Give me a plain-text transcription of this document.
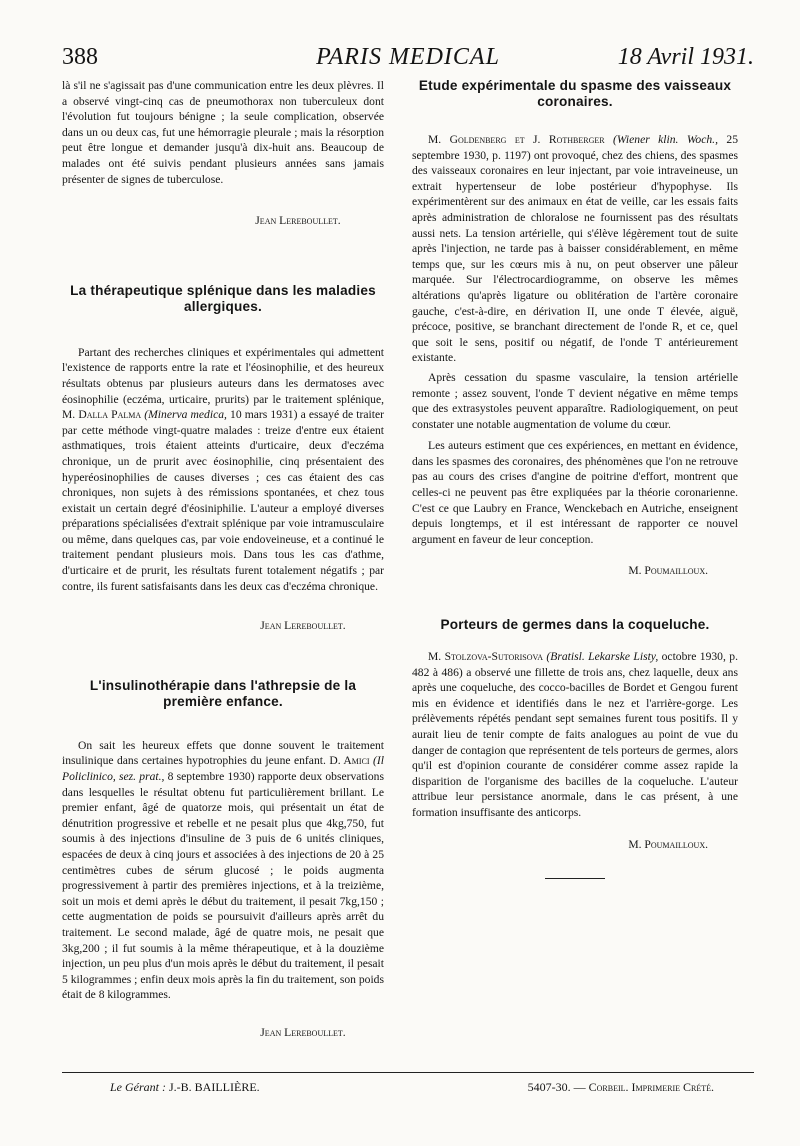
388	PARIS MEDICAL	18 Avril 1931.

là s'il ne s'agissait pas d'une communication entre les deux plèvres. Il a observé vingt-cinq cas de pneumothorax non tuberculeux dont l'évolution fut toujours bénigne ; la seule complication, observée dans un ou deux cas, fut une hémorragie pleurale ; mais la résorption peut être longue et demander jusqu'à dix-huit ans. Beaucoup de malades ont été suivis pendant plusieurs années sans jamais présenter de signes de tuberculose.

Jean Lereboullet.
La thérapeutique splénique dans les maladies allergiques.

Partant des recherches cliniques et expérimentales qui admettent l'existence de rapports entre la rate et l'éosinophilie, et des heureux résultats obtenus par plusieurs auteurs dans les dermatoses avec éosinophilie (eczéma, urticaire, prurits) par le traitement splénique, M. Dalla Palma (Minerva medica, 10 mars 1931) a essayé de traiter par cette méthode vingt-quatre malades : treize d'entre eux étaient asthmatiques, trois étaient atteints d'urticaire, deux d'eczéma chronique, un de prurit avec éosinophilie, cinq présentaient des hyperéosinophilies de causes diverses ; ces cas étaient des cas chroniques, non sujets à des rémissions spontanées, et chez tous existait un certain degré d'éosiniphilie. L'auteur a employé diverses préparations spécialisées d'extrait splénique par voie intramusculaire ou même, dans quelques cas, par voie endoveineuse, et a continué le traitement pendant plusieurs mois. Dans tous les cas d'athme, d'urticaire et de prurit, les résultats furent totalement négatifs ; par contre, ils furent satisfaisants dans les deux cas d'eczéma chronique.

Jean Lereboullet.
L'insulinothérapie dans l'athrepsie de la première enfance.

On sait les heureux effets que donne souvent le traitement insulinique dans certaines hypotrophies du jeune enfant. D. Amici (Il Policlinico, sez. prat., 8 septembre 1930) rapporte deux observations dans lesquelles le résultat obtenu fut particulièrement brillant. Le premier enfant, âgé de quatorze mois, qui présentait un état de dénutrition progressive et rebelle et ne pesait plus que 4kg,750, fut soumis à des injections d'insuline de 3 puis de 6 unités cliniques, espacées de deux à cinq jours et associées à des injections de 20 à 25 centimètres cubes de sérum glucosé ; le poids augmenta progressivement à partir des premières injections, et à la treizième, soit un mois et demi après le début du traitement, il pesait 7kg,150 ; cette augmentation de poids se poursuivit d'ailleurs après arrêt du traitement. Le second malade, âgé de quatre mois, ne pesait que 3kg,200 ; il fut soumis à la même thérapeutique, et à la douzième injection, un peu plus d'un mois après le début du traitement, il pesait 5 kilogrammes ; enfin deux mois après la fin du traitement, son poids était de 8 kilogrammes.

Jean Lereboullet.
Etude expérimentale du spasme des vaisseaux coronaires.

M. Goldenberg et J. Rothberger (Wiener klin. Woch., 25 septembre 1930, p. 1197) ont provoqué, chez des chiens, des spasmes des vaisseaux coronaires en leur injectant, par voie intraveineuse, un extrait hypertenseur de lobe postérieur d'hypophyse. Ils expérimentèrent sur des animaux en état de veille, car les essais faits après administration de chloralose ne fournissent pas des résultats aussi nets. La tension artérielle, qui s'élève légèrement tout de suite après l'injection, ne tarde pas à baisser considérablement, en même temps que, sur les cœurs mis à nu, on peut observer une pâleur marquée. Sur l'électrocardiogramme, on observe les mêmes altérations qu'après ligature ou oblitération de l'artère coronaire gauche, c'est-à-dire, en dérivation II, une onde T élevée, aiguë, précoce, positive, se branchant directement de l'onde R, et ce, quel que soit le sens, positif ou négatif, de l'onde T antérieurement existante.

Après cessation du spasme vasculaire, la tension artérielle remonte ; assez souvent, l'onde T devient négative en même temps que des extrasystoles peuvent apparaître. Radiologiquement, on peut constater une notable augmentation de volume du cœur.

Les auteurs estiment que ces expériences, en mettant en évidence, dans les spasmes des coronaires, des phénomènes que l'on ne retrouve pas au cours des crises d'angine de poitrine d'effort, montrent que celles-ci ne peuvent pas être expliquées par la théorie coronarienne. C'est ce que Laubry en France, Wenckebach en Autriche, enseignent depuis longtemps, et il est intéressant de rapporter ce nouvel argument en faveur de leur conception.

M. Poumailloux.
Porteurs de germes dans la coqueluche.

M. Stolzova-Sutorisova (Bratisl. Lekarske Listy, octobre 1930, p. 482 à 486) a observé une fillette de trois ans, chez laquelle, deux ans après une coqueluche, des cocco-bacilles de Bordet et Gengou furent mis en évidence et identifiés dans le nez et l'arrière-gorge. Les prélèvements répétés pendant sept semaines furent tous positifs. Il y aurait lieu de tenir compte de faits analogues au point de vue du danger de contagion que représentent de tels porteurs de germes, alors qu'il est d'opinion courante de considérer comme assez rapide la disparition de l'organisme des bacilles de la coqueluche. L'auteur attribue leur persistance anormale, dans le cas présent, à une formation insuffisante des anticorps.

M. Poumailloux.
Le Gérant : J.-B. BAILLIÈRE.	5407-30. — Corbeil. Imprimerie Crété.
